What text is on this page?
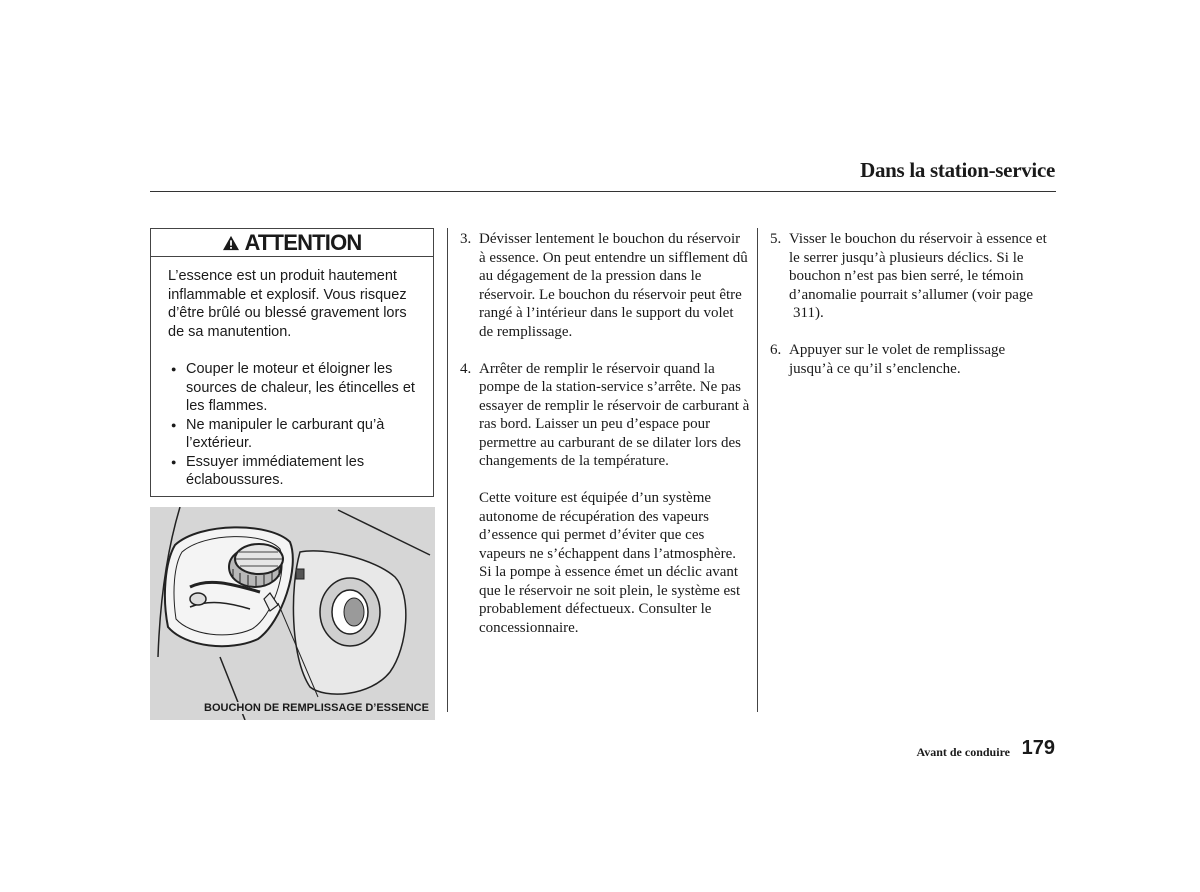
Dans la station-service
ATTENTION

L’essence est un produit hautement inflammable et explosif. Vous risquez d’être brûlé ou blessé gravement lors de sa manutention.

● Couper le moteur et éloigner les sources de chaleur, les étincelles et les flammes.
● Ne manipuler le carburant qu’à l’extérieur.
● Essuyer immédiatement les éclaboussures.
BOUCHON DE REMPLISSAGE D’ESSENCE

3. Dévisser lentement le bouchon du réservoir à essence. On peut entendre un sifflement dû au dégagement de la pression dans le réservoir. Le bouchon du réservoir peut être rangé à l’intérieur dans le support du volet de remplissage.

4. Arrêter de remplir le réservoir quand la pompe de la station-service s’arrête. Ne pas essayer de remplir le réservoir de carburant à ras bord. Laisser un peu d’espace pour permettre au carburant de se dilater lors des changements de la température.

Cette voiture est équipée d’un système autonome de récupération des vapeurs d’essence qui permet d’éviter que ces vapeurs ne s’échappent dans l’atmosphère. Si la pompe à essence émet un déclic avant que le réservoir ne soit plein, le système est probablement défectueux. Consulter le concessionnaire.

5. Visser le bouchon du réservoir à essence et le serrer jusqu’à plusieurs déclics. Si le bouchon n’est pas bien serré, le témoin d’anomalie pourrait s’allumer (voir page
311).

6. Appuyer sur le volet de remplissage jusqu’à ce qu’il s’enclenche.

Avant de conduire 179
